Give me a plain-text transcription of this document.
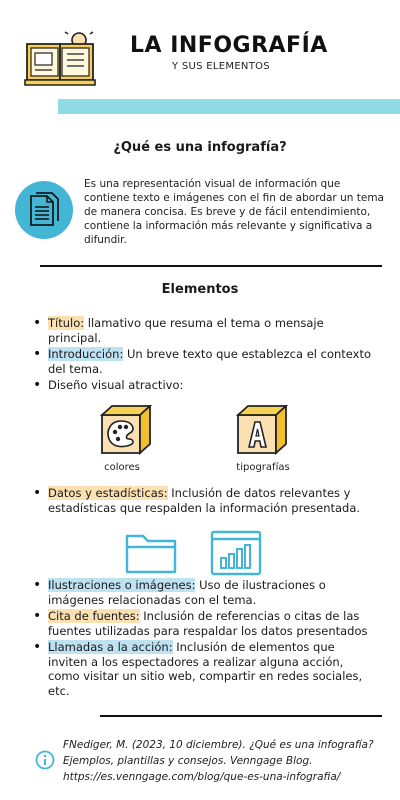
LA INFOGRAFÍA
Y SUS ELEMENTOS
¿Qué es una infografía?

Es una representación visual de información que contiene texto e imágenes con el fin de abordar un tema de manera concisa. Es breve y de fácil entendimiento, contiene la información más relevante y significativa a difundir.

Elementos
• Título: llamativo que resuma el tema o mensaje principal.
• Introducción: Un breve texto que establezca el contexto del tema.
• Diseño visual atractivo:
colores	tipografías
• Datos y estadísticas: Inclusión de datos relevantes y estadísticas que respalden la información presentada.
• Ilustraciones o imágenes: Uso de ilustraciones o imágenes relacionadas con el tema.
• Cita de fuentes: Inclusión de referencias o citas de las fuentes utilizadas para respaldar los datos presentados
• Llamadas a la acción: Inclusión de elementos que inviten a los espectadores a realizar alguna acción, como visitar un sitio web, compartir en redes sociales, etc.

FNediger, M. (2023, 10 diciembre). ¿Qué es una infografía? Ejemplos, plantillas y consejos. Venngage Blog. https://es.venngage.com/blog/que-es-una-infografia/
